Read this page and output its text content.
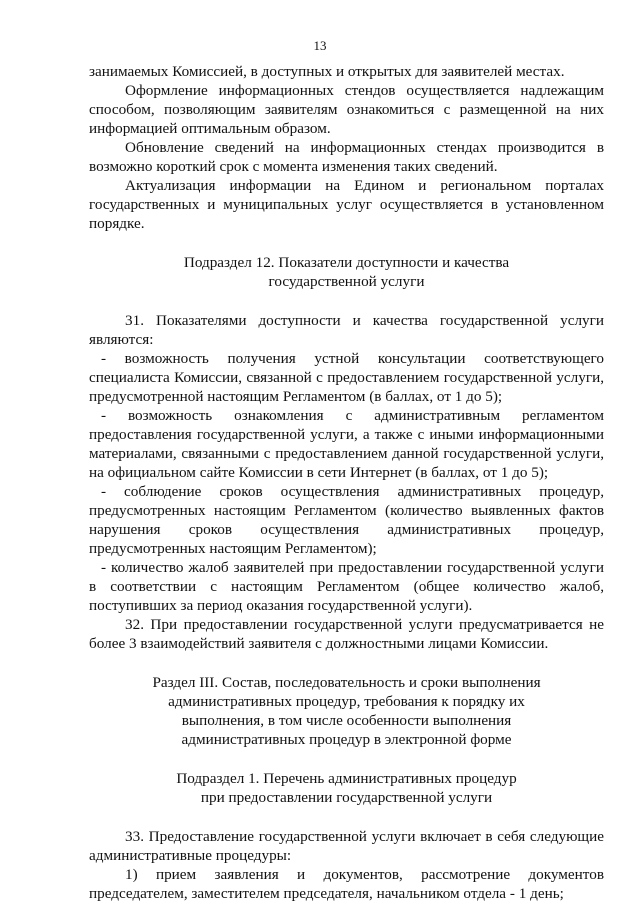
13

занимаемых Комиссией, в доступных и открытых для заявителей местах.

Оформление информационных стендов осуществляется надлежащим способом, позволяющим заявителям ознакомиться с размещенной на них информацией оптимальным образом.

Обновление сведений на информационных стендах производится в возможно короткий срок с момента изменения таких сведений.

Актуализация информации на Едином и региональном порталах государственных и муниципальных услуг осуществляется в установленном порядке.

Подраздел 12. Показатели доступности и качества
государственной услуги

31. Показателями доступности и качества государственной услуги являются:

- возможность получения устной консультации соответствующего специалиста Комиссии, связанной с предоставлением государственной услуги, предусмотренной настоящим Регламентом (в баллах, от 1 до 5);

- возможность ознакомления с административным регламентом предоставления государственной услуги, а также с иными информационными материалами, связанными с предоставлением данной государственной услуги, на официальном сайте Комиссии в сети Интернет (в баллах, от 1 до 5);

- соблюдение сроков осуществления административных процедур, предусмотренных настоящим Регламентом (количество выявленных фактов нарушения сроков осуществления административных процедур, предусмотренных настоящим Регламентом);

- количество жалоб заявителей при предоставлении государственной услуги в соответствии с настоящим Регламентом (общее количество жалоб, поступивших за период оказания государственной услуги).

32. При предоставлении государственной услуги предусматривается не более 3 взаимодействий заявителя с должностными лицами Комиссии.

Раздел III. Состав, последовательность и сроки выполнения
административных процедур, требования к порядку их
выполнения, в том числе особенности выполнения
административных процедур в электронной форме
Подраздел 1. Перечень административных процедур
при предоставлении государственной услуги

33. Предоставление государственной услуги включает в себя следующие административные процедуры:

1) прием заявления и документов, рассмотрение документов председателем, заместителем председателя, начальником отдела - 1 день;
